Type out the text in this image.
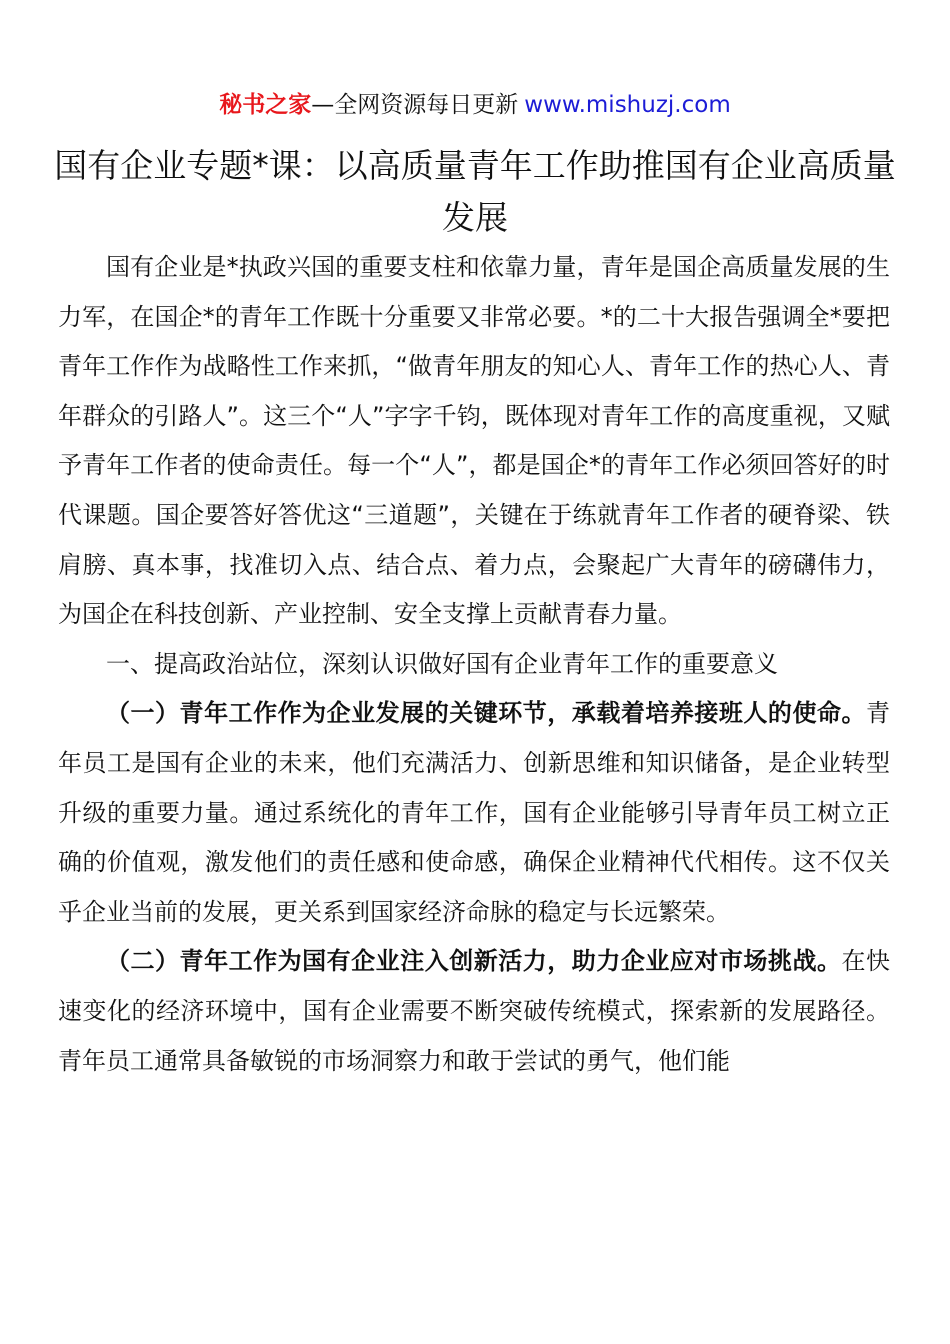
秘书之家—全网资源每日更新 www.mishuzj.com
国有企业专题*课：以高质量青年工作助推国有企业高质量发展

国有企业是*执政兴国的重要支柱和依靠力量，青年是国企高质量发展的生力军，在国企*的青年工作既十分重要又非常必要。*的二十大报告强调全*要把青年工作作为战略性工作来抓，“做青年朋友的知心人、青年工作的热心人、青年群众的引路人”。这三个“人”字字千钧，既体现对青年工作的高度重视，又赋予青年工作者的使命责任。每一个“人”，都是国企*的青年工作必须回答好的时代课题。国企要答好答优这“三道题”，关键在于练就青年工作者的硬脊梁、铁肩膀、真本事，找准切入点、结合点、着力点，会聚起广大青年的磅礴伟力，为国企在科技创新、产业控制、安全支撑上贡献青春力量。

一、提高政治站位，深刻认识做好国有企业青年工作的重要意义

（一）青年工作作为企业发展的关键环节，承载着培养接班人的使命。青年员工是国有企业的未来，他们充满活力、创新思维和知识储备，是企业转型升级的重要力量。通过系统化的青年工作，国有企业能够引导青年员工树立正确的价值观，激发他们的责任感和使命感，确保企业精神代代相传。这不仅关乎企业当前的发展，更关系到国家经济命脉的稳定与长远繁荣。

（二）青年工作为国有企业注入创新活力，助力企业应对市场挑战。在快速变化的经济环境中，国有企业需要不断突破传统模式，探索新的发展路径。青年员工通常具备敏锐的市场洞察力和敢于尝试的勇气，他们能
